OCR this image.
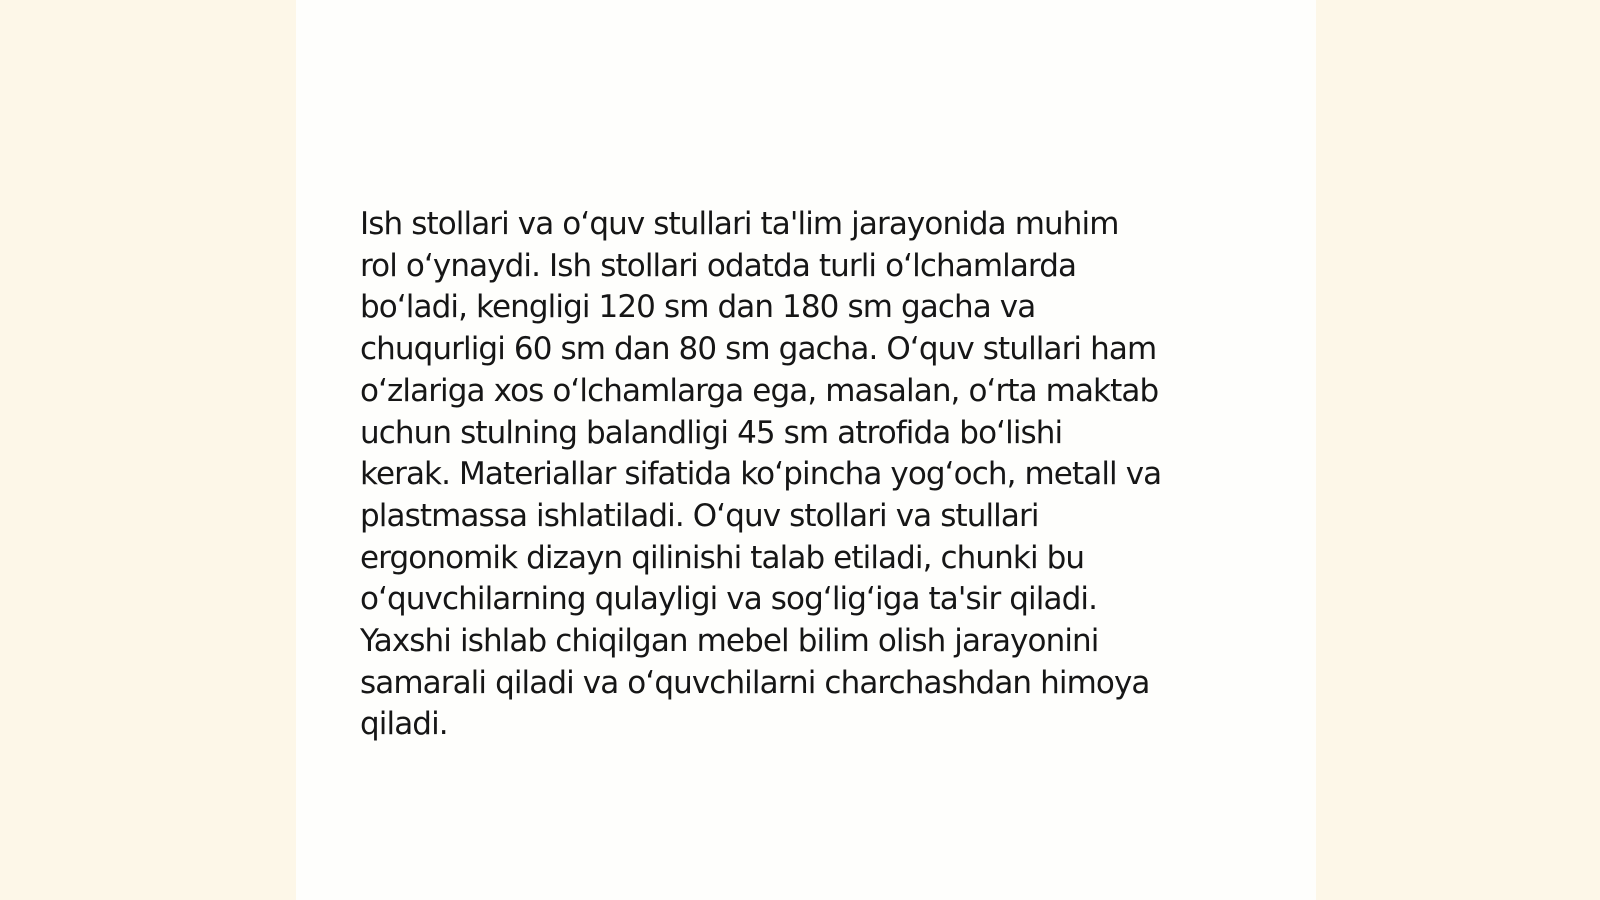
Ish stollari va oʻquv stullari ta'lim jarayonida muhim
rol oʻynaydi. Ish stollari odatda turli oʻlchamlarda
boʻladi, kengligi 120 sm dan 180 sm gacha va
chuqurligi 60 sm dan 80 sm gacha. Oʻquv stullari ham
oʻzlariga xos oʻlchamlarga ega, masalan, oʻrta maktab
uchun stulning balandligi 45 sm atrofida boʻlishi
kerak. Materiallar sifatida koʻpincha yogʻoch, metall va
plastmassa ishlatiladi. Oʻquv stollari va stullari
ergonomik dizayn qilinishi talab etiladi, chunki bu
oʻquvchilarning qulayligi va sogʻligʻiga ta'sir qiladi.
Yaxshi ishlab chiqilgan mebel bilim olish jarayonini
samarali qiladi va oʻquvchilarni charchashdan himoya
qiladi.
